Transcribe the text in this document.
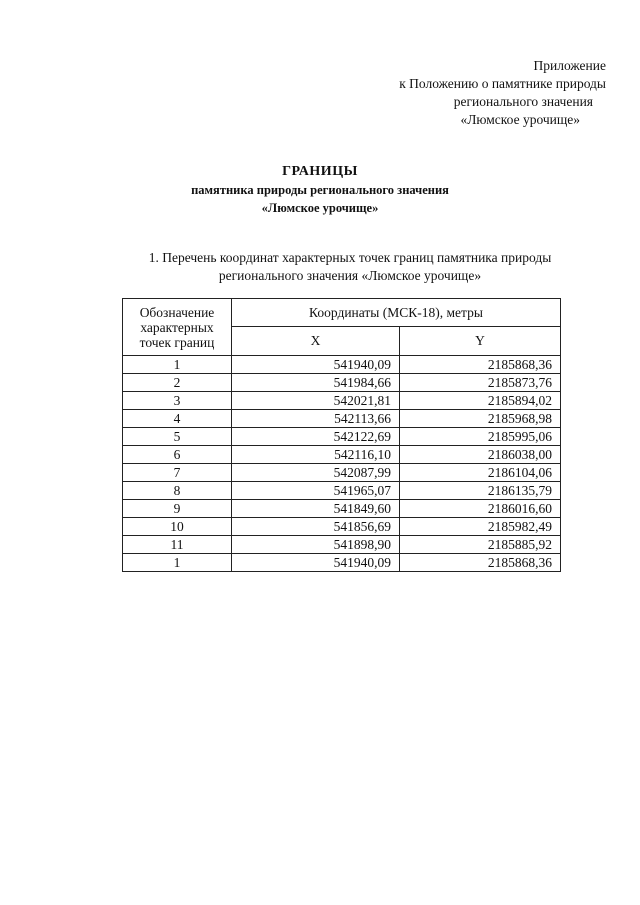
Приложение
к Положению о памятнике природы
регионального значения
«Люмское урочище»
ГРАНИЦЫ
памятника природы регионального значения
«Люмское урочище»
1. Перечень координат характерных точек границ памятника природы
регионального значения «Люмское урочище»
Обозначение характерных точек границ	Координаты (МСК-18), метры	
	X	Y
1	541940,09	2185868,36
2	541984,66	2185873,76
3	542021,81	2185894,02
4	542113,66	2185968,98
5	542122,69	2185995,06
6	542116,10	2186038,00
7	542087,99	2186104,06
8	541965,07	2186135,79
9	541849,60	2186016,60
10	541856,69	2185982,49
11	541898,90	2185885,92
1	541940,09	2185868,36
